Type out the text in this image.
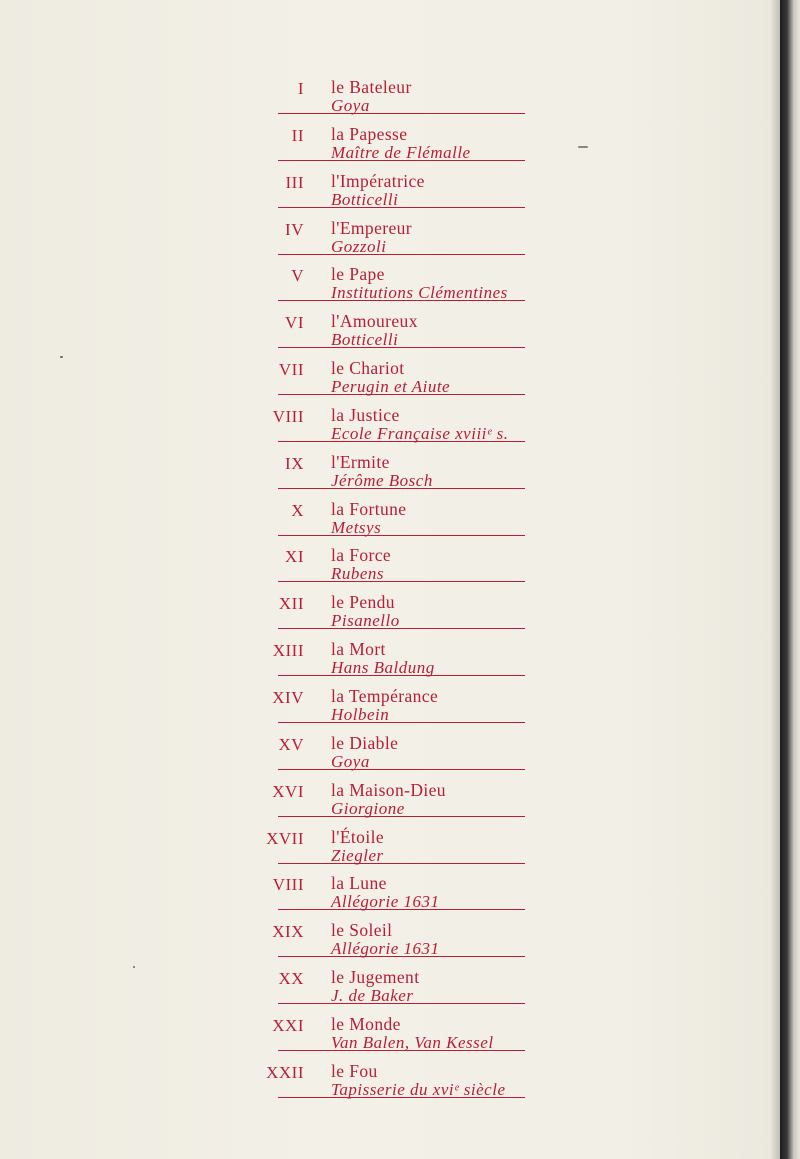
I le Bateleur
Goya
II la Papesse
Maître de Flémalle
III l'Impératrice
Botticelli
IV l'Empereur
Gozzoli
V le Pape
Institutions Clémentines
VI l'Amoureux
Botticelli
VII le Chariot
Perugin et Aiute
VIII la Justice
Ecole Française xviiiᵉ s.
IX l'Ermite
Jérôme Bosch
X la Fortune
Metsys
XI la Force
Rubens
XII le Pendu
Pisanello
XIII la Mort
Hans Baldung
XIV la Tempérance
Holbein
XV le Diable
Goya
XVI la Maison-Dieu
Giorgione
XVII l'Étoile
Ziegler
VIII la Lune
Allégorie 1631
XIX le Soleil
Allégorie 1631
XX le Jugement
J. de Baker
XXI le Monde
Van Balen, Van Kessel
XXII le Fou
Tapisserie du xviᵉ siècle
